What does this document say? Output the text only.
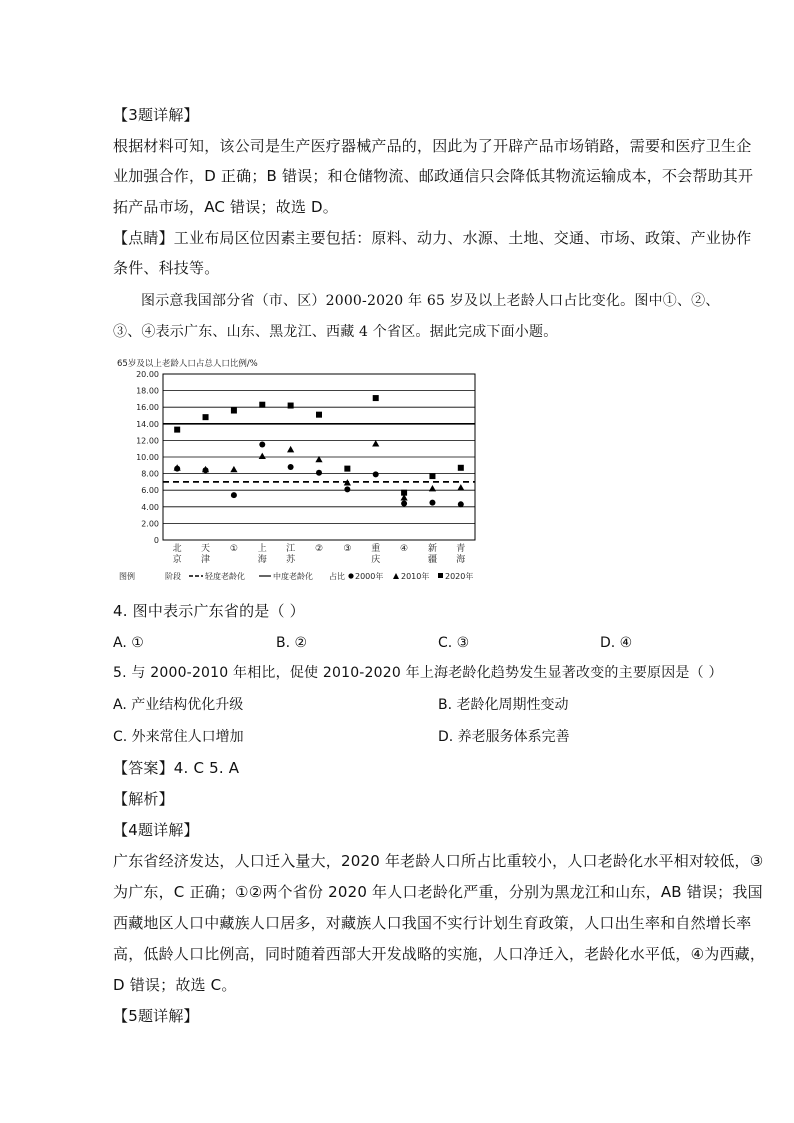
【3题详解】
根据材料可知，该公司是生产医疗器械产品的，因此为了开辟产品市场销路，需要和医疗卫生企
业加强合作，D 正确；B 错误；和仓储物流、邮政通信只会降低其物流运输成本，不会帮助其开
拓产品市场，AC 错误；故选 D。
【点睛】工业布局区位因素主要包括：原料、动力、水源、土地、交通、市场、政策、产业协作
条件、科技等。
图示意我国部分省（市、区）2000-2020 年 65 岁及以上老龄人口占比变化。图中①、②、
③、④表示广东、山东、黑龙江、西藏 4 个省区。据此完成下面小题。
65岁及以上老龄人口占总人口比例/%
0
2.00
4.00
6.00
8.00
10.00
12.00
14.00
16.00
18.00
20.00
北
京
天
津
① 上
海
江
苏
② ③ 重
庆
④ 新
疆
青
海
图例	阶段	轻度老龄化	中度老龄化 占比 2000年 2010年 2020年
4. 图中表示广东省的是（ ）
A. ①	B. ②	C. ③	D. ④
5. 与 2000-2010 年相比，促使 2010-2020 年上海老龄化趋势发生显著改变的主要原因是（ ）
A. 产业结构优化升级	B. 老龄化周期性变动
C. 外来常住人口增加	D. 养老服务体系完善
【答案】4. C 5. A
【解析】
【4题详解】
广东省经济发达，人口迁入量大，2020 年老龄人口所占比重较小，人口老龄化水平相对较低，③
为广东，C 正确；①②两个省份 2020 年人口老龄化严重，分别为黑龙江和山东，AB 错误；我国
西藏地区人口中藏族人口居多，对藏族人口我国不实行计划生育政策，人口出生率和自然增长率
高，低龄人口比例高，同时随着西部大开发战略的实施，人口净迁入，老龄化水平低，④为西藏，
D 错误；故选 C。
【5题详解】
